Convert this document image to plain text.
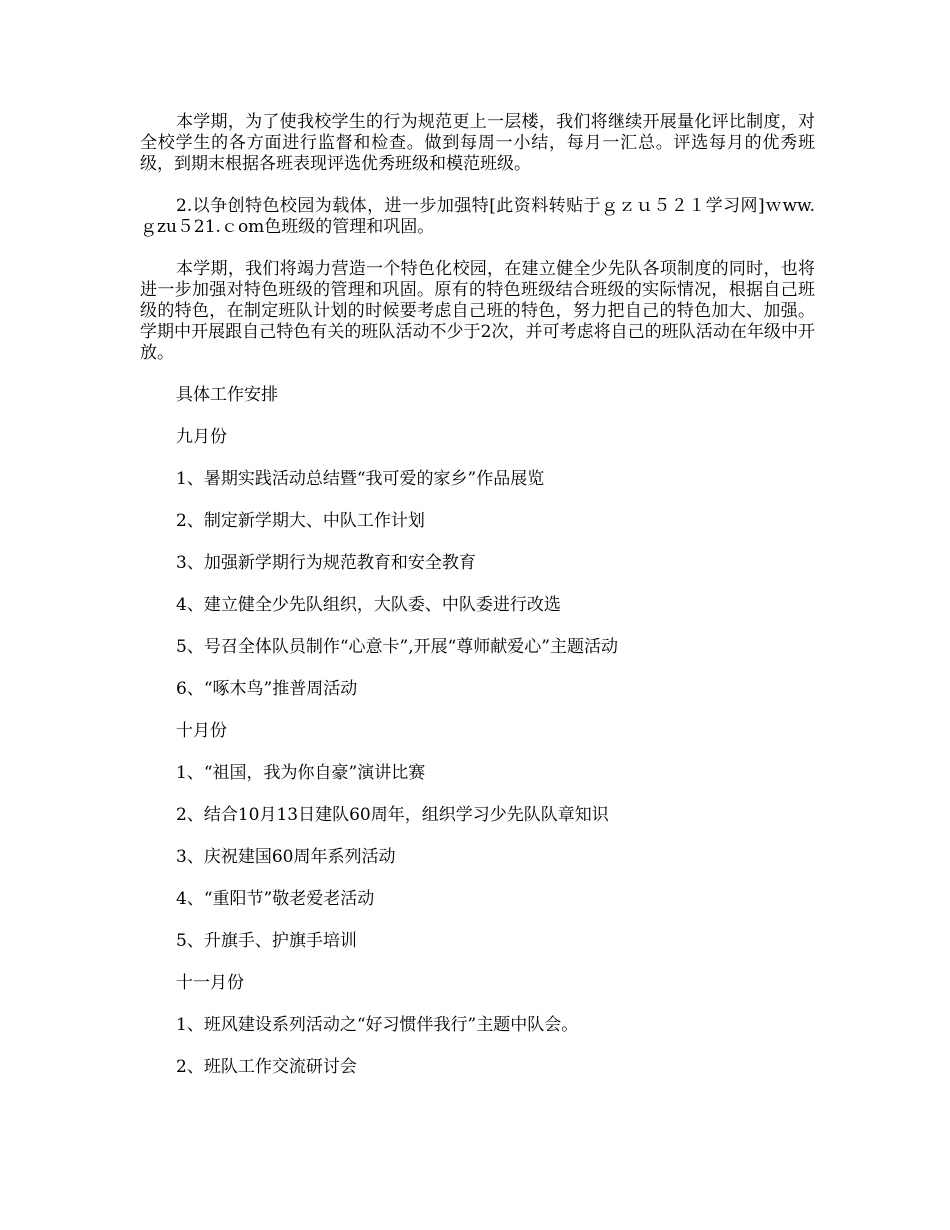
本学期，为了使我校学生的行为规范更上一层楼，我们将继续开展量化评比制度，对全校学生的各方面进行监督和检查。做到每周一小结，每月一汇总。评选每月的优秀班级，到期末根据各班表现评选优秀班级和模范班级。

2.以争创特色校园为载体，进一步加强特[此资料转贴于ｇｚｕ５２１学习网]ｗww.ｇzu５21.ｃom色班级的管理和巩固。

本学期，我们将竭力营造一个特色化校园，在建立健全少先队各项制度的同时，也将进一步加强对特色班级的管理和巩固。原有的特色班级结合班级的实际情况，根据自己班级的特色，在制定班队计划的时候要考虑自己班的特色，努力把自己的特色加大、加强。学期中开展跟自己特色有关的班队活动不少于2次，并可考虑将自己的班队活动在年级中开放。

具体工作安排
九月份
1、暑期实践活动总结暨“我可爱的家乡”作品展览
2、制定新学期大、中队工作计划
3、加强新学期行为规范教育和安全教育
4、建立健全少先队组织，大队委、中队委进行改选
5、号召全体队员制作“心意卡”,开展“尊师献爱心”主题活动
6、“啄木鸟”推普周活动
十月份
1、“祖国，我为你自豪”演讲比赛
2、结合10月13日建队60周年，组织学习少先队队章知识
3、庆祝建国60周年系列活动
4、“重阳节”敬老爱老活动
5、升旗手、护旗手培训
十一月份
1、班风建设系列活动之“好习惯伴我行”主题中队会。
2、班队工作交流研讨会
